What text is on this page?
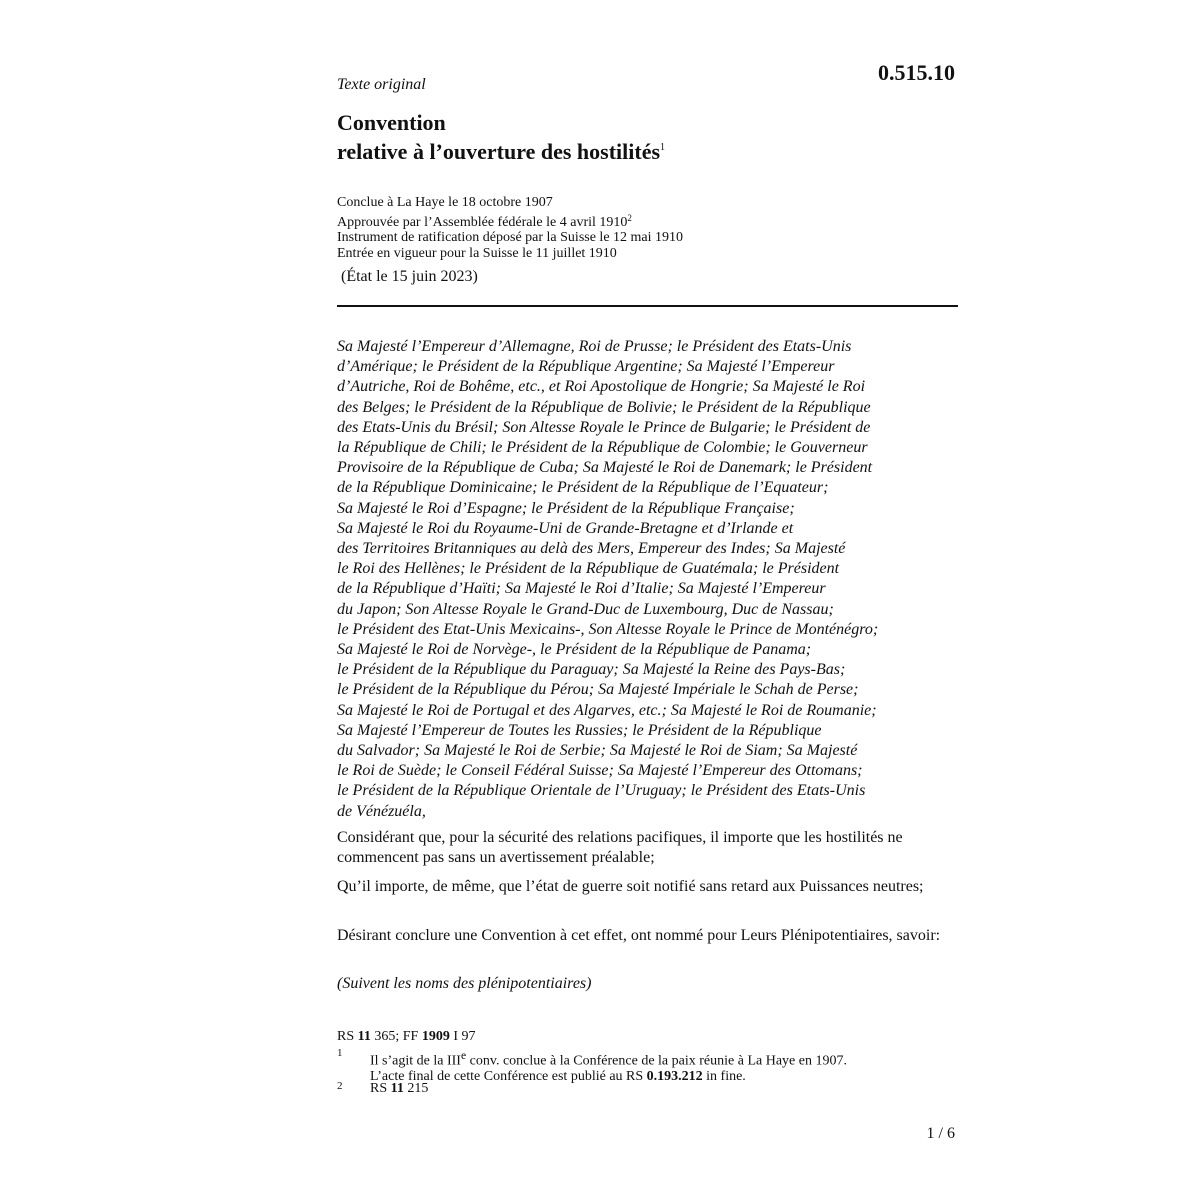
Texte original	0.515.10
Convention
relative à l’ouverture des hostilités$^1$
Conclue à La Haye le 18 octobre 1907
Approuvée par l’Assemblée fédérale le 4 avril 1910$^2$
Instrument de ratification déposé par la Suisse le 12 mai 1910
Entrée en vigueur pour la Suisse le 11 juillet 1910
(État le 15 juin 2023)
Sa Majesté l’Empereur d’Allemagne, Roi de Prusse; le Président des Etats-Unis
d’Amérique; le Président de la République Argentine; Sa Majesté l’Empereur
d’Autriche, Roi de Bohême, etc., et Roi Apostolique de Hongrie; Sa Majesté le Roi
des Belges; le Président de la République de Bolivie; le Président de la République
des Etats-Unis du Brésil; Son Altesse Royale le Prince de Bulgarie; le Président de
la République de Chili; le Président de la République de Colombie; le Gouverneur
Provisoire de la République de Cuba; Sa Majesté le Roi de Danemark; le Président
de la République Dominicaine; le Président de la République de l’Equateur;
Sa Majesté le Roi d’Espagne; le Président de la République Française;
Sa Majesté le Roi du Royaume-Uni de Grande-Bretagne et d’Irlande et
des Territoires Britanniques au delà des Mers, Empereur des Indes; Sa Majesté
le Roi des Hellènes; le Président de la République de Guatémala; le Président
de la République d’Haïti; Sa Majesté le Roi d’Italie; Sa Majesté l’Empereur
du Japon; Son Altesse Royale le Grand-Duc de Luxembourg, Duc de Nassau;
le Président des Etat-Unis Mexicains-, Son Altesse Royale le Prince de Monténégro;
Sa Majesté le Roi de Norvège-, le Président de la République de Panama;
le Président de la République du Paraguay; Sa Majesté la Reine des Pays-Bas;
le Président de la République du Pérou; Sa Majesté Impériale le Schah de Perse;
Sa Majesté le Roi de Portugal et des Algarves, etc.; Sa Majesté le Roi de Roumanie;
Sa Majesté l’Empereur de Toutes les Russies; le Président de la République
du Salvador; Sa Majesté le Roi de Serbie; Sa Majesté le Roi de Siam; Sa Majesté
le Roi de Suède; le Conseil Fédéral Suisse; Sa Majesté l’Empereur des Ottomans;
le Président de la République Orientale de l’Uruguay; le Président des Etats-Unis
de Vénézuéla,
Considérant que, pour la sécurité des relations pacifiques, il importe que les hostilités ne commencent pas sans un avertissement préalable;
Qu’il importe, de même, que l’état de guerre soit notifié sans retard aux Puissances neutres;
Désirant conclure une Convention à cet effet, ont nommé pour Leurs Plénipotentiaires, savoir:
(Suivent les noms des plénipotentiaires)
RS 11 365; FF 1909 I 97
1
Il s’agit de la IIIe conv. conclue à la Conférence de la paix réunie à La Haye en 1907.
L’acte final de cette Conférence est publié au RS 0.193.212 in fine.
2 RS 11 215
1 / 6
